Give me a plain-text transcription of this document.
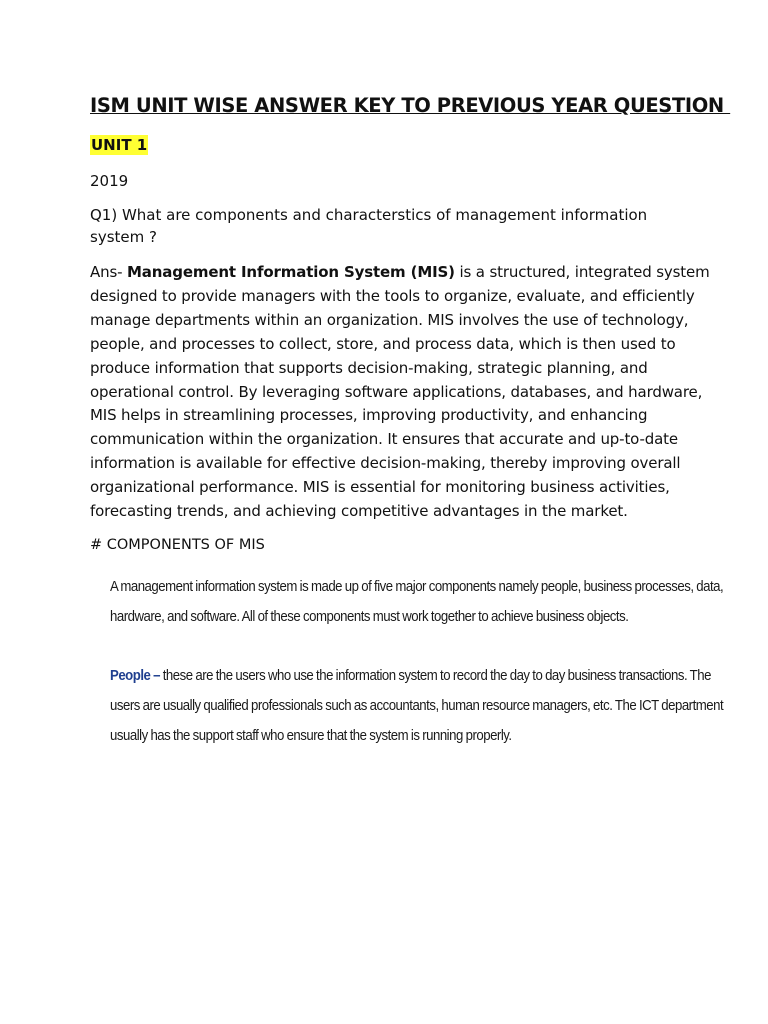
ISM UNIT WISE ANSWER KEY TO PREVIOUS YEAR QUESTION
UNIT 1
2019

Q1) What are components and characterstics of management information system ?

Ans- Management Information System (MIS) is a structured, integrated system designed to provide managers with the tools to organize, evaluate, and efficiently manage departments within an organization. MIS involves the use of technology, people, and processes to collect, store, and process data, which is then used to produce information that supports decision-making, strategic planning, and operational control. By leveraging software applications, databases, and hardware, MIS helps in streamlining processes, improving productivity, and enhancing communication within the organization. It ensures that accurate and up-to-date information is available for effective decision-making, thereby improving overall organizational performance. MIS is essential for monitoring business activities, forecasting trends, and achieving competitive advantages in the market.

# COMPONENTS OF MIS

A management information system is made up of five major components namely people, business processes, data, hardware, and software. All of these components must work together to achieve business objects.

People – these are the users who use the information system to record the day to day business transactions. The users are usually qualified professionals such as accountants, human resource managers, etc. The ICT department usually has the support staff who ensure that the system is running properly.
